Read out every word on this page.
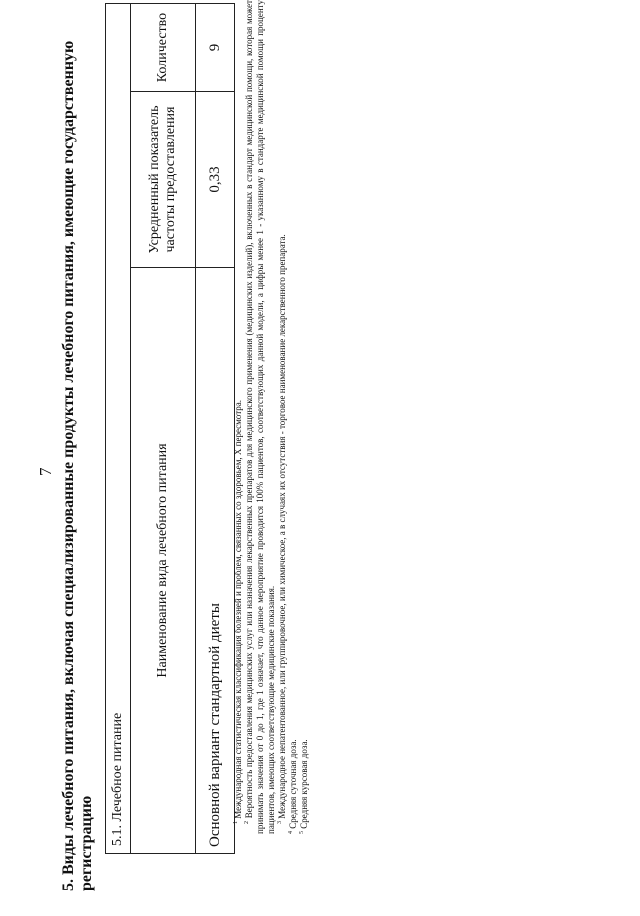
7 5. Виды лечебного питания, включая специализированные продукты лечебного питания, имеющие государственную регистрацию 5.1. Лечебное питание		
Наименование вида лечебного питания	Усредненный показатель частоты предоставления	Количество
Основной вариант стандартной диеты	0,33	9

$^1$ Международная статистическая классификация болезней и проблем, связанных со здоровьем, X пересмотра.

$^2$ Вероятность предоставления медицинских услуг или назначения лекарственных препаратов для медицинского применения (медицинских изделий), включенных в стандарт медицинской помощи, которая может принимать значения от 0 до 1, где 1 означает, что данное мероприятие проводится 100% пациентов, соответствующих данной модели, а цифры менее 1 - указанному в стандарте медицинской помощи проценту пациентов, имеющих соответствующие медицинские показания. $^3$ Международное непатентованное, или группировочное, или химическое, а в случаях их отсутствия - торговое наименование лекарственного препарата.

$^4$ Средняя суточная доза.

$^5$ Средняя курсовая доза.
